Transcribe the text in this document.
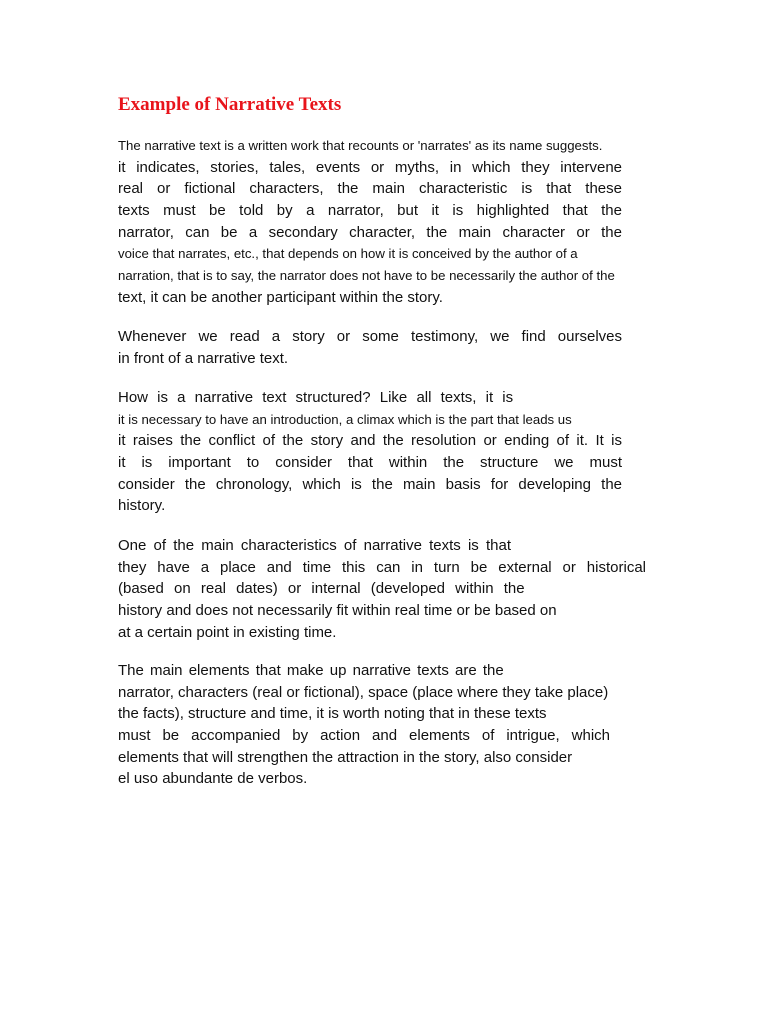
Example of Narrative Texts

The narrative text is a written work that recounts or 'narrates' as its name suggests.
it indicates, stories, tales, events or myths, in which they intervene
real or fictional characters, the main characteristic is that these
texts must be told by a narrator, but it is highlighted that the
narrator, can be a secondary character, the main character or the
voice that narrates, etc., that depends on how it is conceived by the author of a
narration, that is to say, the narrator does not have to be necessarily the author of the
text, it can be another participant within the story.

Whenever we read a story or some testimony, we find ourselves
in front of a narrative text.

How is a narrative text structured? Like all texts, it is
it is necessary to have an introduction, a climax which is the part that leads us
it raises the conflict of the story and the resolution or ending of it. It is
it is important to consider that within the structure we must
consider the chronology, which is the main basis for developing the
history.

One of the main characteristics of narrative texts is that
they have a place and time this can in turn be external or historical
(based on real dates) or internal (developed within the
history and does not necessarily fit within real time or be based on
at a certain point in existing time.

The main elements that make up narrative texts are the
narrator, characters (real or fictional), space (place where they take place)
the facts), structure and time, it is worth noting that in these texts
must be accompanied by action and elements of intrigue, which
elements that will strengthen the attraction in the story, also consider
el uso abundante de verbos.
